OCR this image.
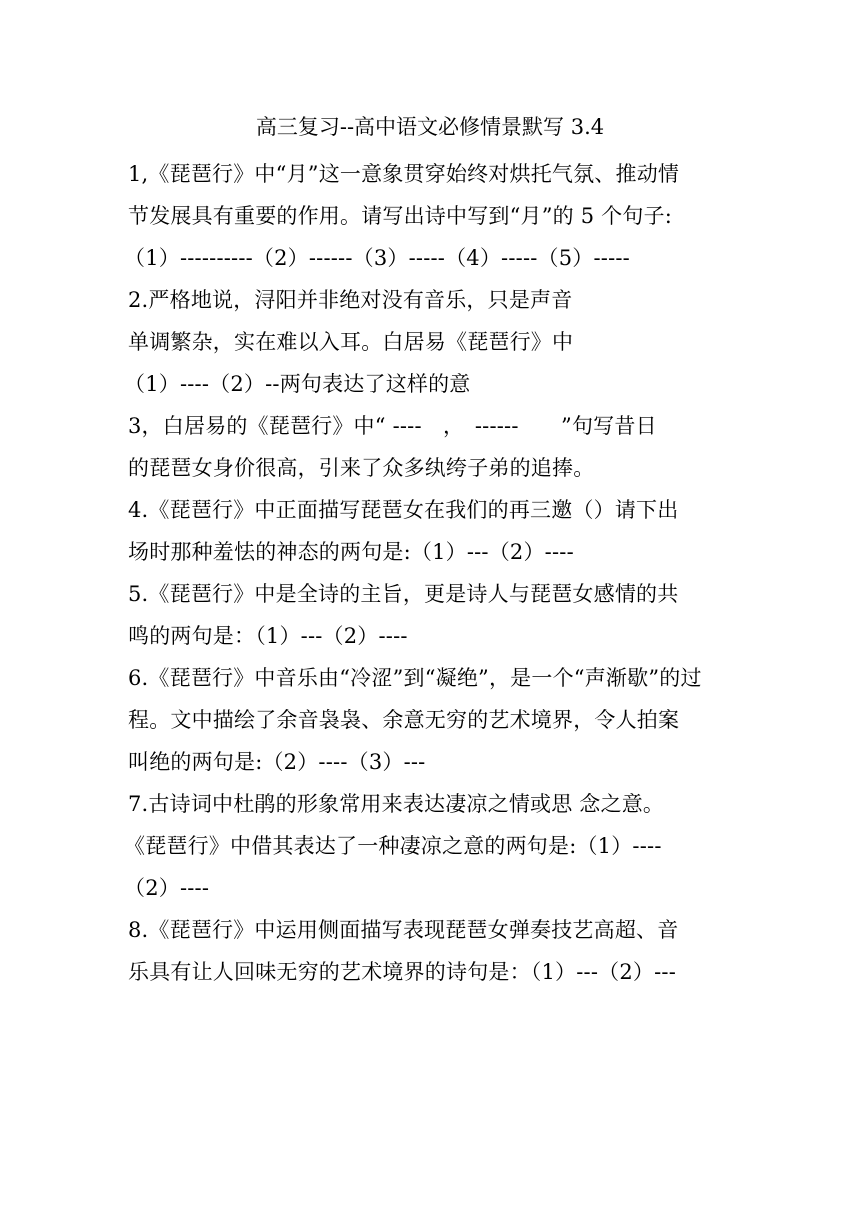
高三复习--高中语文必修情景默写 3.4
1,《琵琶行》中“月”这一意象贯穿始终对烘托气氛、推动情
节发展具有重要的作用。请写出诗中写到“月”的 5 个句子:
（1）----------（2）------（3）-----（4）-----（5）-----
2.严格地说，浔阳并非绝对没有音乐，只是声音
单调繁杂，实在难以入耳。白居易《琵琶行》中
（1）----（2）--两句表达了这样的意
3，白居易的《琵琶行》中“ ----　，　------　　”句写昔日
的琵琶女身价很高，引来了众多纨绔子弟的追捧。
4.《琵琶行》中正面描写琵琶女在我们的再三邀（）请下出
场时那种羞怯的神态的两句是:（1）---（2）----
5.《琵琶行》中是全诗的主旨，更是诗人与琵琶女感情的共
鸣的两句是：（1）---（2）----
6.《琵琶行》中音乐由“冷涩”到“凝绝”，是一个“声渐歇”的过
程。文中描绘了余音袅袅、余意无穷的艺术境界，令人拍案
叫绝的两句是:（2）----（3）---
7.古诗词中杜鹃的形象常用来表达凄凉之情或思 念之意。
《琵琶行》中借其表达了一种凄凉之意的两句是:（1）----
（2）----
8.《琵琶行》中运用侧面描写表现琵琶女弹奏技艺高超、音
乐具有让人回味无穷的艺术境界的诗句是：（1）---（2）---
